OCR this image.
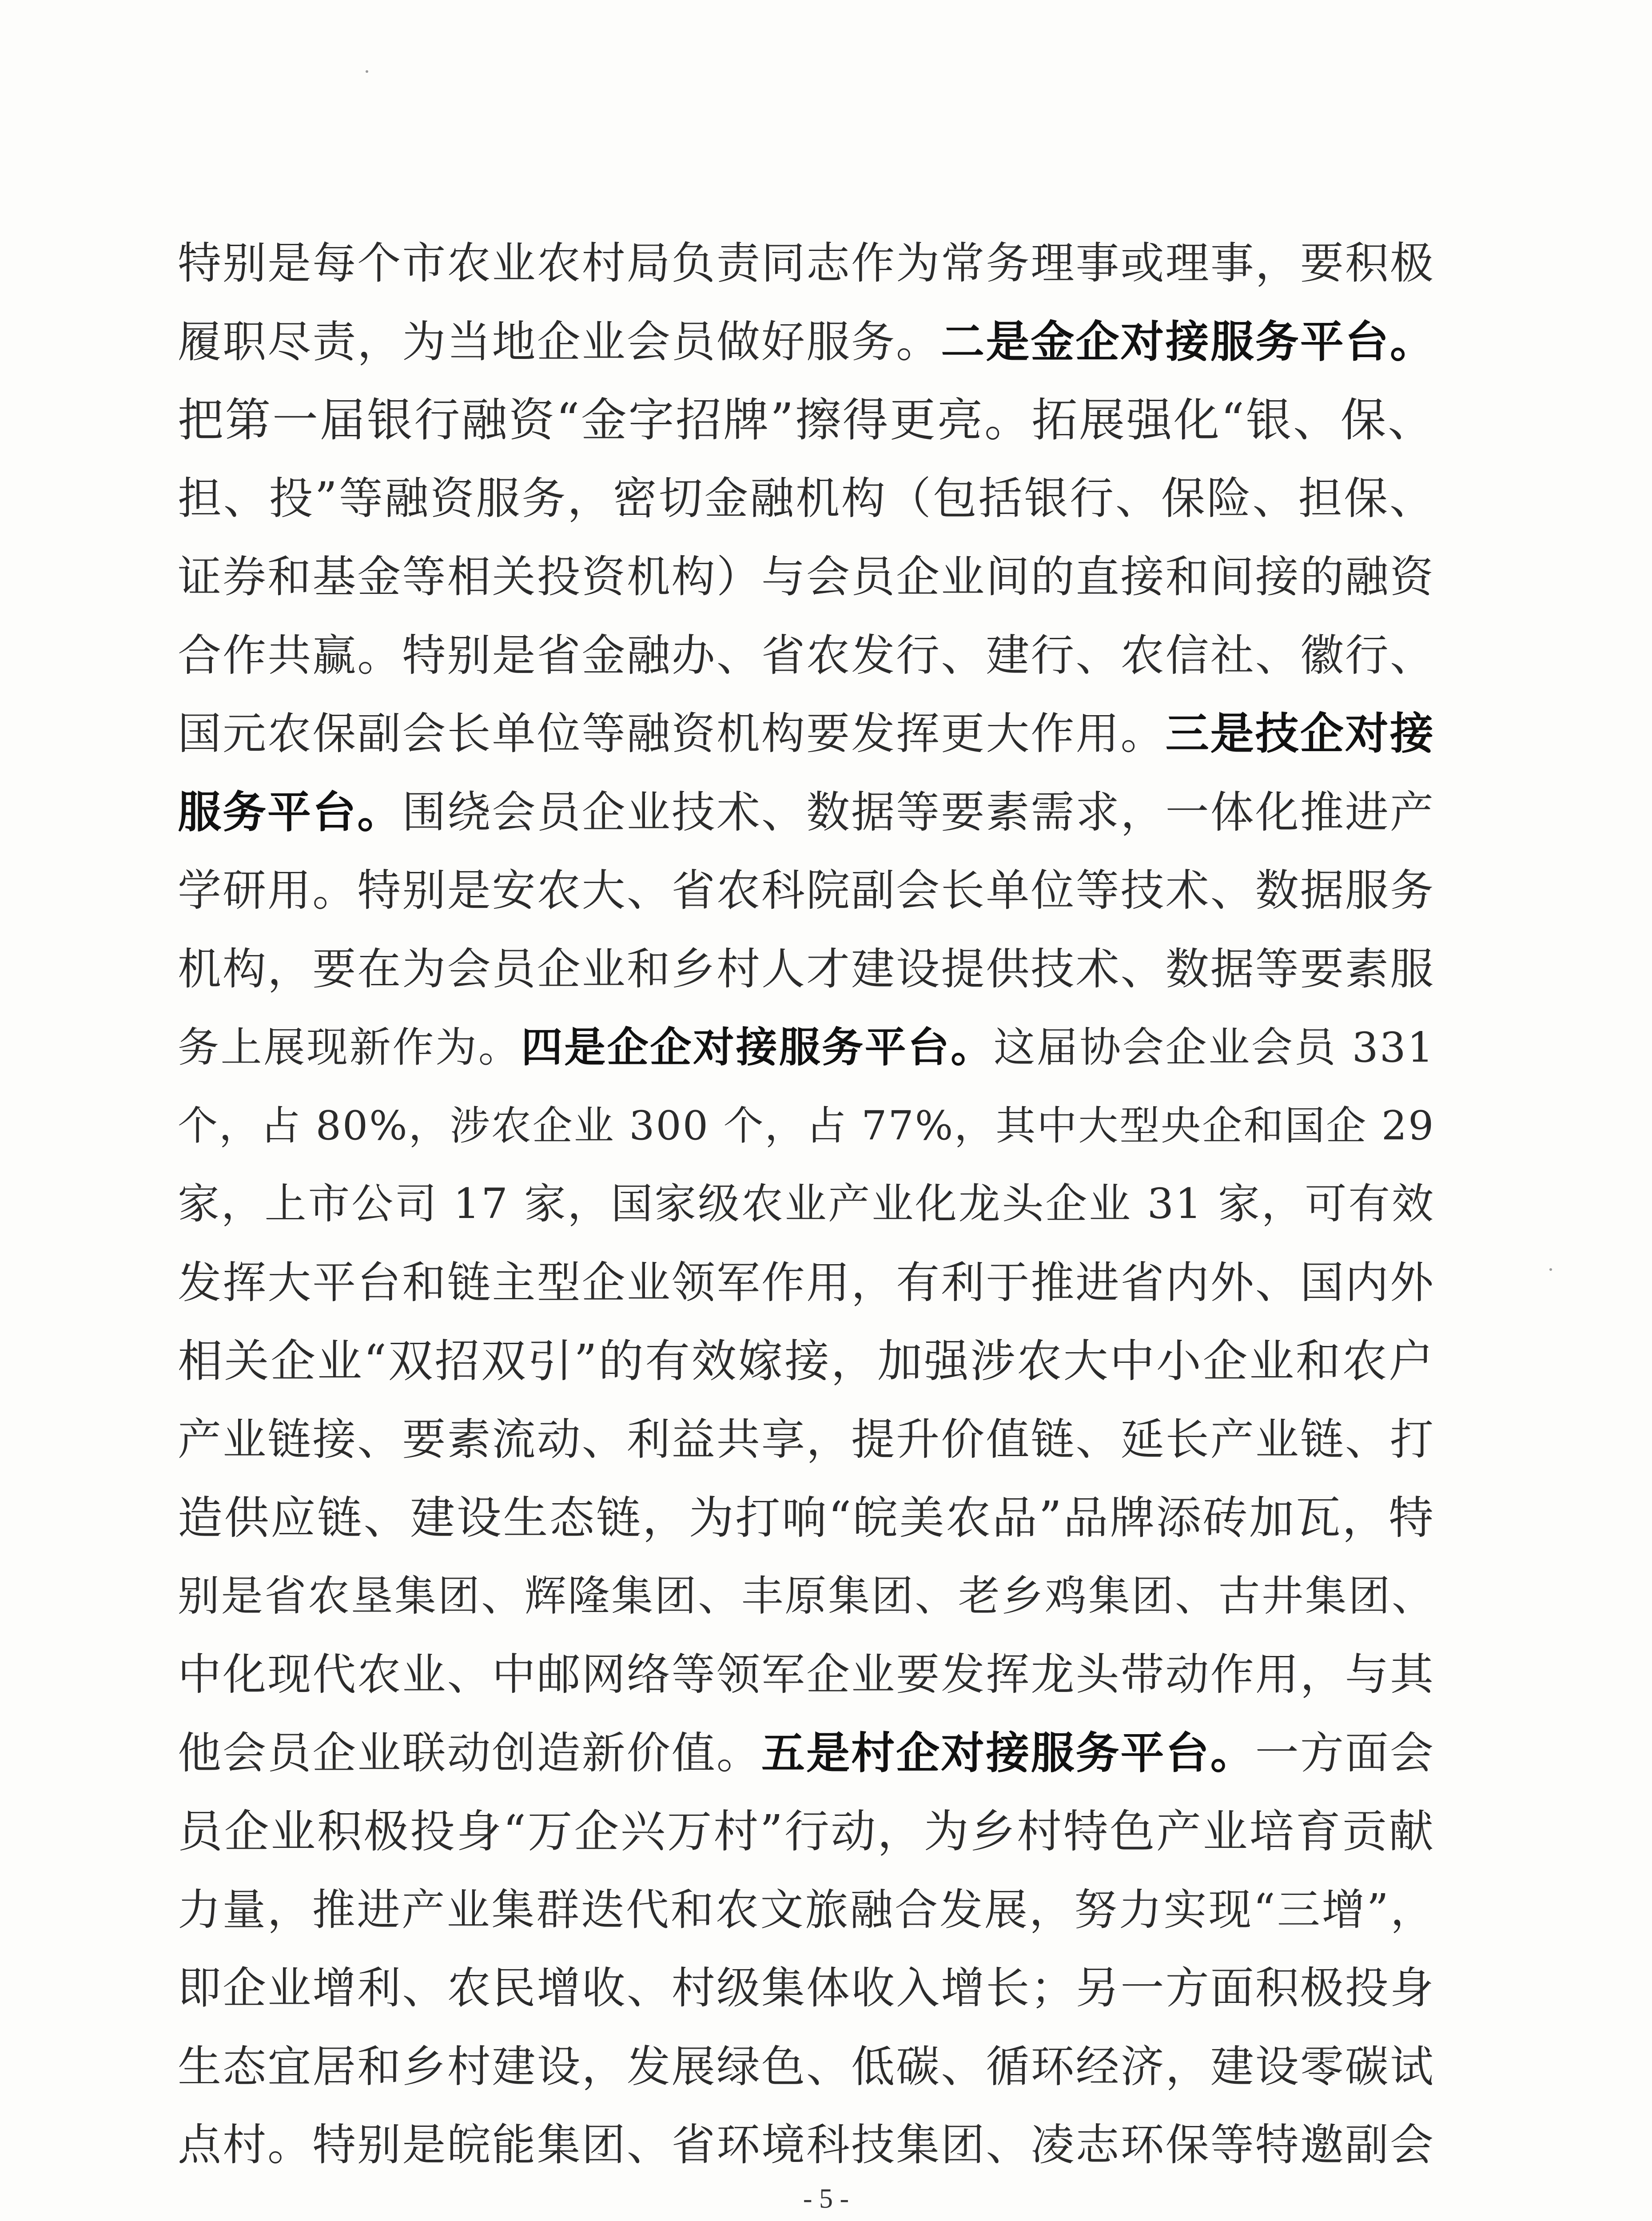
特别是每个市农业农村局负责同志作为常务理事或理事，要积极
履职尽责，为当地企业会员做好服务。二是金企对接服务平台。
把第一届银行融资“金字招牌”擦得更亮。拓展强化“银、保、
担、投”等融资服务，密切金融机构（包括银行、保险、担保、
证券和基金等相关投资机构）与会员企业间的直接和间接的融资
合作共赢。特别是省金融办、省农发行、建行、农信社、徽行、
国元农保副会长单位等融资机构要发挥更大作用。三是技企对接
服务平台。围绕会员企业技术、数据等要素需求，一体化推进产
学研用。特别是安农大、省农科院副会长单位等技术、数据服务
机构，要在为会员企业和乡村人才建设提供技术、数据等要素服
务上展现新作为。四是企企对接服务平台。这届协会企业会员 331
个，占 80%，涉农企业 300 个，占 77%，其中大型央企和国企 29
家，上市公司 17 家，国家级农业产业化龙头企业 31 家，可有效
发挥大平台和链主型企业领军作用，有利于推进省内外、国内外
相关企业“双招双引”的有效嫁接，加强涉农大中小企业和农户
产业链接、要素流动、利益共享，提升价值链、延长产业链、打
造供应链、建设生态链，为打响“皖美农品”品牌添砖加瓦，特
别是省农垦集团、辉隆集团、丰原集团、老乡鸡集团、古井集团、
中化现代农业、中邮网络等领军企业要发挥龙头带动作用，与其
他会员企业联动创造新价值。五是村企对接服务平台。一方面会
员企业积极投身“万企兴万村”行动，为乡村特色产业培育贡献
力量，推进产业集群迭代和农文旅融合发展，努力实现“三增”，
即企业增利、农民增收、村级集体收入增长；另一方面积极投身
生态宜居和乡村建设，发展绿色、低碳、循环经济，建设零碳试
点村。特别是皖能集团、省环境科技集团、凌志环保等特邀副会
- 5 -
